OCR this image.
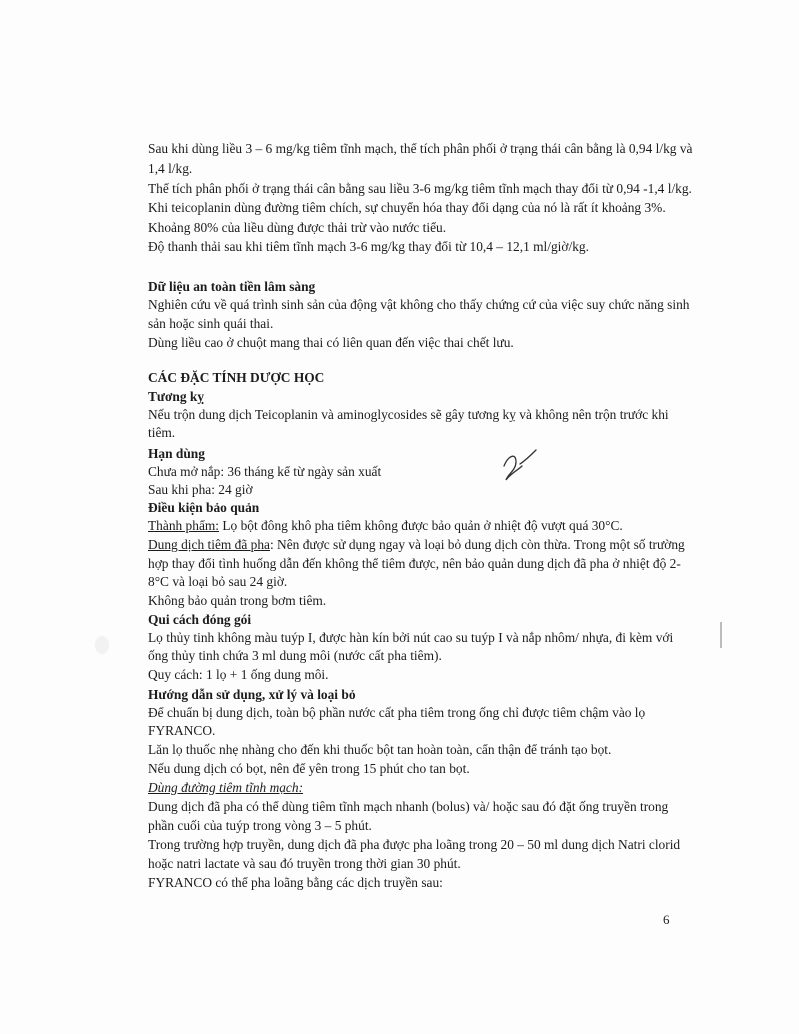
Sau khi dùng liều 3 – 6 mg/kg tiêm tĩnh mạch, thể tích phân phối ở trạng thái cân bằng là 0,94 l/kg và
1,4 l/kg.
Thể tích phân phối ở trạng thái cân bằng sau liều 3-6 mg/kg tiêm tĩnh mạch thay đổi từ 0,94 -1,4 l/kg.
Khi teicoplanin dùng đường tiêm chích, sự chuyển hóa thay đổi dạng của nó là rất ít khoảng 3%.
Khoảng 80% của liều dùng được thải trừ vào nước tiểu.
Độ thanh thải sau khi tiêm tĩnh mạch 3-6 mg/kg thay đổi từ 10,4 – 12,1 ml/giờ/kg.
Dữ liệu an toàn tiền lâm sàng
Nghiên cứu về quá trình sinh sản của động vật không cho thấy chứng cứ của việc suy chức năng sinh
sản hoặc sinh quái thai.
Dùng liều cao ở chuột mang thai có liên quan đến việc thai chết lưu.
CÁC ĐẶC TÍNH DƯỢC HỌC
Tương kỵ
Nếu trộn dung dịch Teicoplanin và aminoglycosides sẽ gây tương kỵ và không nên trộn trước khi
tiêm.
Hạn dùng
Chưa mở nắp: 36 tháng kể từ ngày sản xuất
Sau khi pha: 24 giờ
Điều kiện bảo quản
Thành phẩm: Lọ bột đông khô pha tiêm không được bảo quản ở nhiệt độ vượt quá 30°C.
Dung dịch tiêm đã pha: Nên được sử dụng ngay và loại bỏ dung dịch còn thừa. Trong một số trường
hợp thay đổi tình huống dẫn đến không thể tiêm được, nên bảo quản dung dịch đã pha ở nhiệt độ 2-
8°C và loại bỏ sau 24 giờ.
Không bảo quản trong bơm tiêm.
Qui cách đóng gói
Lọ thủy tinh không màu tuýp I, được hàn kín bởi nút cao su tuýp I và nắp nhôm/ nhựa, đi kèm với
ống thủy tinh chứa 3 ml dung môi (nước cất pha tiêm).
Quy cách: 1 lọ + 1 ống dung môi.
Hướng dẫn sử dụng, xử lý và loại bỏ
Để chuẩn bị dung dịch, toàn bộ phần nước cất pha tiêm trong ống chỉ được tiêm chậm vào lọ
FYRANCO.
Lăn lọ thuốc nhẹ nhàng cho đến khi thuốc bột tan hoàn toàn, cẩn thận để tránh tạo bọt.
Nếu dung dịch có bọt, nên để yên trong 15 phút cho tan bọt.
Dùng đường tiêm tĩnh mạch:
Dung dịch đã pha có thể dùng tiêm tĩnh mạch nhanh (bolus) và/ hoặc sau đó đặt ống truyền trong
phần cuối của tuýp trong vòng 3 – 5 phút.
Trong trường hợp truyền, dung dịch đã pha được pha loãng trong 20 – 50 ml dung dịch Natri clorid
hoặc natri lactate và sau đó truyền trong thời gian 30 phút.
FYRANCO có thể pha loãng bằng các dịch truyền sau:
6
